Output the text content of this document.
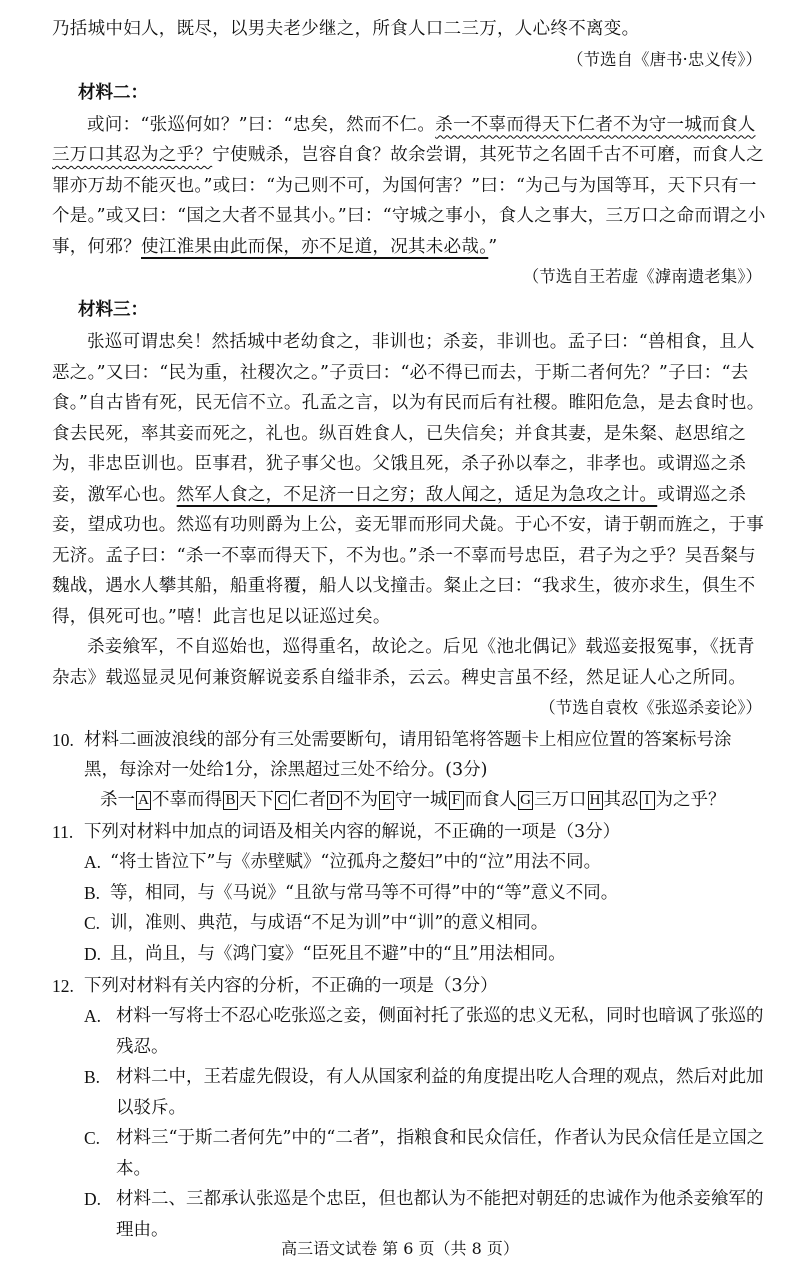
乃括城中妇人，既尽，以男夫老少继之，所食人口二三万，人心终不离变。

（节选自《唐书·忠义传》）

材料二：

或问：“张巡何如？”曰：“忠矣，然而不仁。杀一不辜而得天下仁者不为守一城而食人三万口其忍为之乎？宁使贼杀，岂容自食？故余尝谓，其死节之名固千古不可磨，而食人之罪亦万劫不能灭也。”或曰：“为己则不可，为国何害？”曰：“为己与为国等耳，天下只有一个是。”或又曰：“国之大者不显其小。”曰：“守城之事小，食人之事大，三万口之命而谓之小事，何邪？使江淮果由此而保，亦不足道，况其未必哉。”

（节选自王若虚《滹南遗老集》）

材料三：

张巡可谓忠矣！然括城中老幼食之，非训也；杀妾，非训也。孟子曰：“兽相食，且人恶之。”又曰：“民为重，社稷次之。”子贡曰：“必不得已而去，于斯二者何先？”子曰：“去食。”自古皆有死，民无信不立。孔孟之言，以为有民而后有社稷。睢阳危急，是去食时也。食去民死，率其妾而死之，礼也。纵百姓食人，已失信矣；并食其妻，是朱粲、赵思绾之为，非忠臣训也。臣事君，犹子事父也。父饿且死，杀子孙以奉之，非孝也。或谓巡之杀妾，激军心也。然军人食之，不足济一日之穷；敌人闻之，适足为急攻之计。或谓巡之杀妾，望成功也。然巡有功则爵为上公，妾无罪而形同犬彘。于心不安，请于朝而旌之，于事无济。孟子曰：“杀一不辜而得天下，不为也。”杀一不辜而号忠臣，君子为之乎？吴吾粲与魏战，遇水人攀其船，船重将覆，船人以戈撞击。粲止之曰：“我求生，彼亦求生，俱生不得，俱死可也。”嘻！此言也足以证巡过矣。

杀妾飨军，不自巡始也，巡得重名，故论之。后见《池北偶记》载巡妾报冤事，《抚青杂志》载巡显灵见何兼资解说妾系自缢非杀，云云。稗史言虽不经，然足证人心之所同。

（节选自袁枚《张巡杀妾论》）

10. 材料二画波浪线的部分有三处需要断句，请用铅笔将答题卡上相应位置的答案标号涂黑，每涂对一处给1分，涂黑超过三处不给分。(3分)
杀一 A 不辜而得 B 天下 C 仁者 D 不为 E 守一城 F 而食人 G 三万口 H 其忍 I 为之乎？
11. 下列对材料中加点的词语及相关内容的解说，不正确的一项是（3分）
A. “将士皆泣下”与《赤壁赋》“泣孤舟之嫠妇”中的“泣”用法不同。
B. 等，相同，与《马说》“且欲与常马等不可得”中的“等”意义不同。
C. 训，准则、典范，与成语“不足为训”中“训”的意义相同。
D. 且，尚且，与《鸿门宴》“臣死且不避”中的“且”用法相同。
12. 下列对材料有关内容的分析，不正确的一项是（3分）
A. 材料一写将士不忍心吃张巡之妾，侧面衬托了张巡的忠义无私，同时也暗讽了张巡的残忍。
B. 材料二中，王若虚先假设，有人从国家利益的角度提出吃人合理的观点，然后对此加以驳斥。
C. 材料三“于斯二者何先”中的“二者”，指粮食和民众信任，作者认为民众信任是立国之本。
D. 材料二、三都承认张巡是个忠臣，但也都认为不能把对朝廷的忠诚作为他杀妾飨军的理由。
高三语文试卷 第 6 页（共 8 页）
